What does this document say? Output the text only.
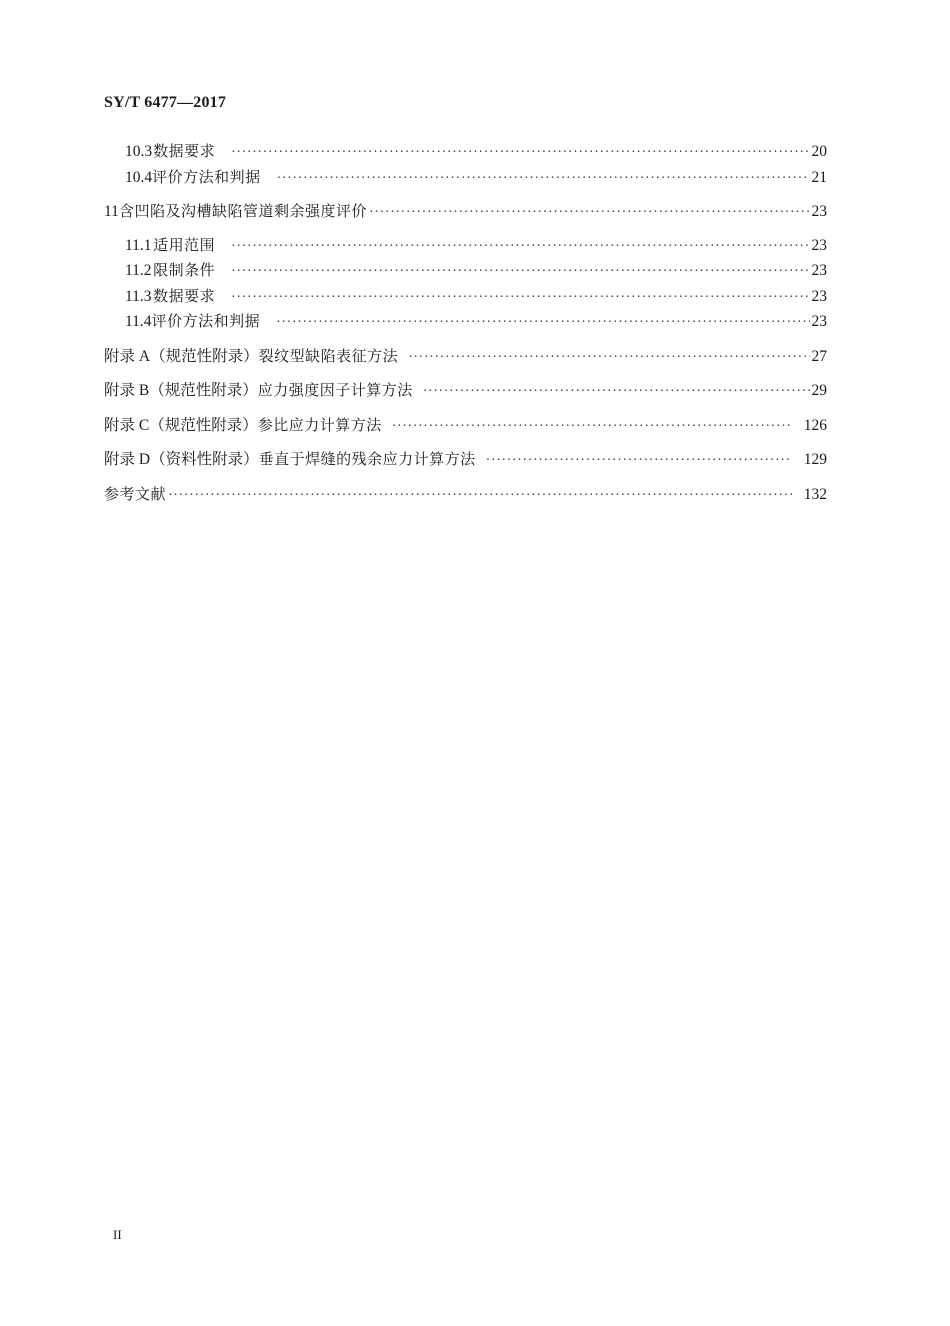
SY/T 6477—2017
10.3 数据要求 ·····	20
10.4 评价方法和判据 ·····	21
11 含凹陷及沟槽缺陷管道剩余强度评价 ·····	23
11.1 适用范围 ·····	23
11.2 限制条件 ·····	23
11.3 数据要求 ·····	23
11.4 评价方法和判据 ·····	23
附录 A（规范性附录） 裂纹型缺陷表征方法 ·····	27
附录 B（规范性附录） 应力强度因子计算方法 ·····	29
附录 C（规范性附录） 参比应力计算方法 ·····	126
附录 D（资料性附录） 垂直于焊缝的残余应力计算方法 ·····	129
参考文献 ·····	132
II
